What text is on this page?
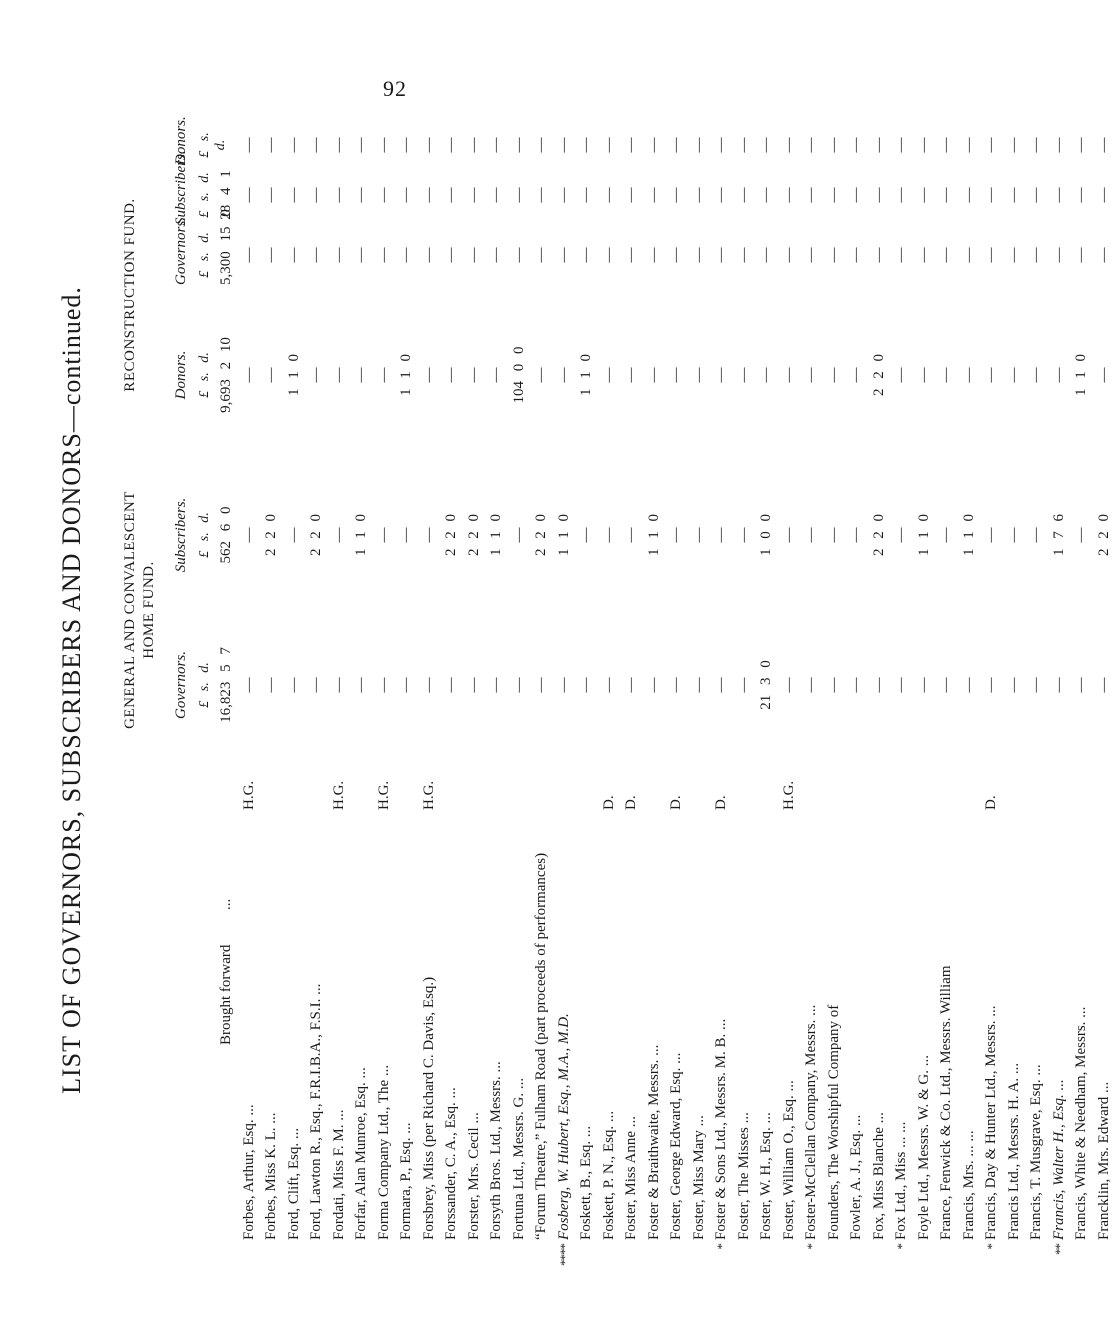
92
LIST OF GOVERNORS, SUBSCRIBERS AND DONORS—continued. GENERAL AND CONVALESCENT HOME FUND.
RECONSTRUCTION FUND.
Governors.
Subscribers.
Donors.
Governors.
Subscribers.
Donors.
£ s. d.
£ s. d.
£ s. d.
£ s. d.
£ s. d.
£ s. d.
Brought forward
...
16,823 5 7
562 6 0
9,693 2 10
5,300 15 0
28 4 1
Forbes, Arthur, Esq. ...
H.G.
—
—
—
—
—
—
Forbes, Miss K. L. ...
—
2 2 0
—
—
—
—
Ford, Clift, Esq. ...
—
—
1 1 0
—
—
—
Ford, Lawton R., Esq., F.R.I.B.A., F.S.I. ...
—
2 2 0
—
—
—
—
Fordati, Miss F. M. ...
H.G.
—
—
—
—
—
—
Forfar, Alan Munroe, Esq. ...
—
1 1 0
—
—
—
—
Forma Company Ltd., The ...
H.G.
—
—
—
—
—
—
Formara, P., Esq. ...
—
—
1 1 0
—
—
—
Forsbrey, Miss (per Richard C. Davis, Esq.)
H.G.
—
—
—
—
—
—
Forssander, C. A., Esq. ...
—
2 2 0
—
—
—
—
Forster, Mrs. Cecil ...
—
2 2 0
—
—
—
—
Forsyth Bros. Ltd., Messrs. ...
—
1 1 0
—
—
—
—
Fortuna Ltd., Messrs. G. ...
—
—
104 0 0
—
—
—
“Forum Theatre,” Fulham Road (part proceeds of performances)
—
2 2 0
—
—
—
—
****
Fosberg, W. Hubert, Esq., M.A., M.D.
—
1 1 0
—
—
—
—
Foskett, B., Esq. ...
—
—
1 1 0
—
—
—
Foskett, P. N., Esq. ...
D.
—
—
—
—
—
—
Foster, Miss Anne ...
D.
—
—
—
—
—
—
Foster & Braithwaite, Messrs. ...
—
1 1 0
—
—
—
—
Foster, George Edward, Esq. ...
D.
—
—
—
—
—
—
Foster, Miss Mary ...
—
—
—
—
—
—
*
Foster & Sons Ltd., Messrs. M. B. ...
D.
—
—
—
—
—
—
Foster, The Misses ...
—
—
—
—
—
—
Foster, W. H., Esq. ...
21 3 0
1 0 0
—
—
—
—
Foster, William O., Esq. ...
H.G.
—
—
—
—
—
—
*
Foster-McClellan Company, Messrs. ...
—
—
—
—
—
—
Founders, The Worshipful Company of
—
—
—
—
—
—
Fowler, A. J., Esq. ...
—
—
—
—
—
—
Fox, Miss Blanche ...
—
2 2 0
2 2 0
—
—
—
*
Fox Ltd., Miss ... ...
—
—
—
—
—
—
Foyle Ltd., Messrs. W. & G. ...
—
1 1 0
—
—
—
—
France, Fenwick & Co. Ltd., Messrs. William
—
—
—
—
—
—
Francis, Mrs. ... ...
—
1 1 0
—
—
—
—
*
Francis, Day & Hunter Ltd., Messrs. ...
D.
—
—
—
—
—
—
Francis Ltd., Messrs. H. A. ...
—
—
—
—
—
—
Francis, T. Musgrave, Esq. ...
—
—
—
—
—
—
**
Francis, Walter H., Esq. ...
—
1 7 6
—
—
—
—
Francis, White & Needham, Messrs. ...
—
—
1 1 0
—
—
—
Francklin, Mrs. Edward ...
—
2 2 0
—
—
—
—
